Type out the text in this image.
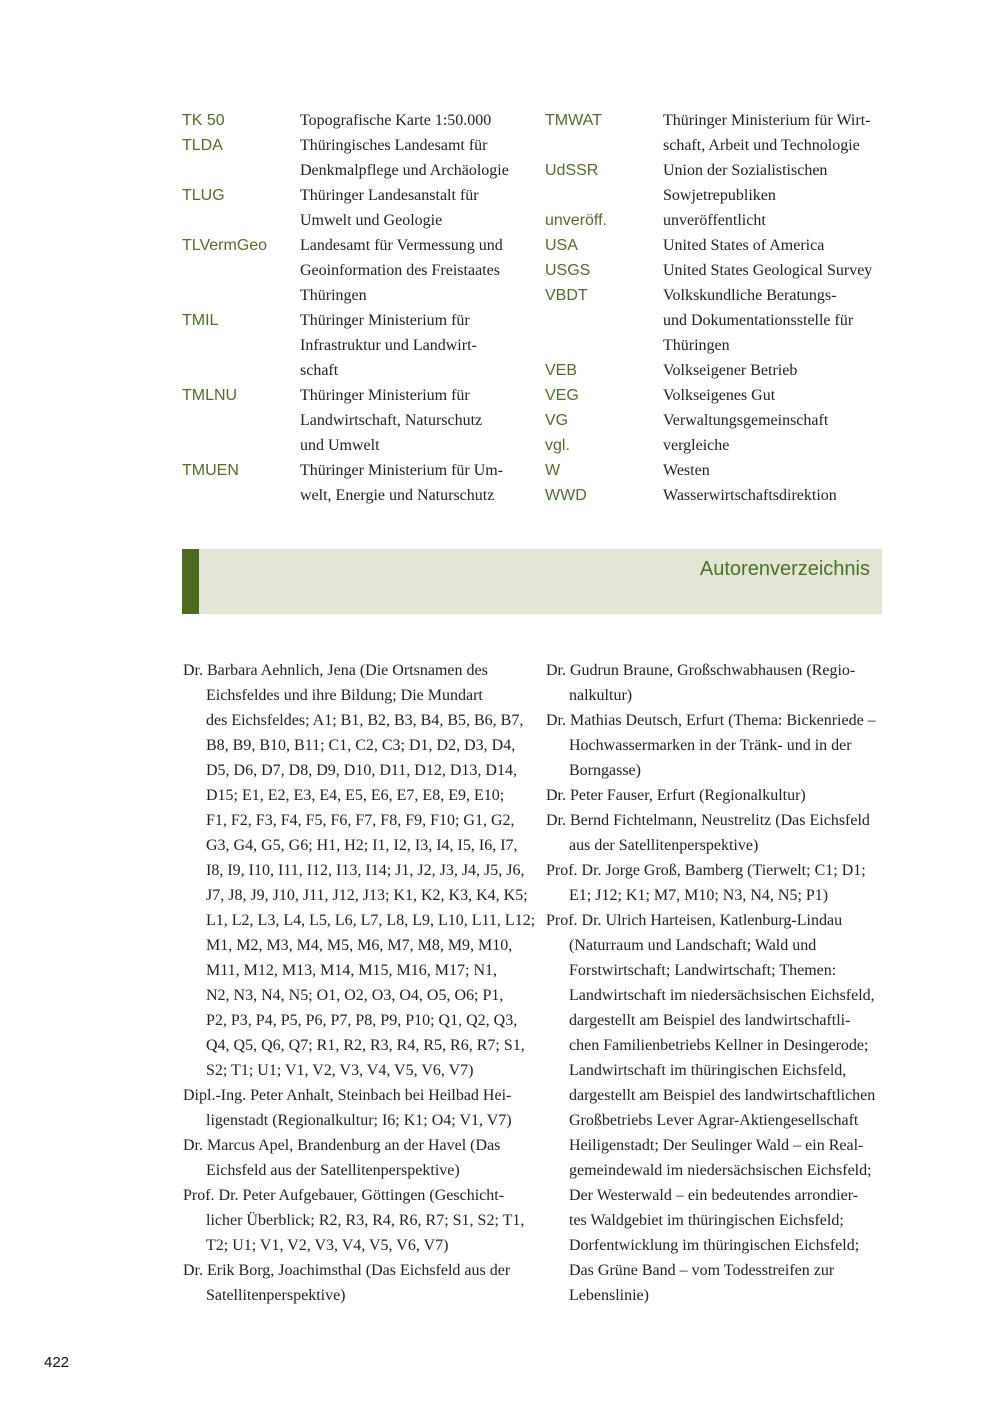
TK 50	Topografische Karte 1:50.000
TLDA	Thüringisches Landesamt für
Denkmalpflege und Archäologie
TLUG	Thüringer Landesanstalt für
Umwelt und Geologie
TLVermGeo	Landesamt für Vermessung und
Geoinformation des Freistaates
Thüringen
TMIL	Thüringer Ministerium für
Infrastruktur und Landwirt-
schaft
TMLNU	Thüringer Ministerium für
Landwirtschaft, Naturschutz
und Umwelt
TMUEN	Thüringer Ministerium für Um-
welt, Energie und Naturschutz
TMWAT	Thüringer Ministerium für Wirt-
schaft, Arbeit und Technologie
UdSSR	Union der Sozialistischen
Sowjetrepubliken
unveröff.	unveröffentlicht
USA	United States of America
USGS	United States Geological Survey
VBDT	Volkskundliche Beratungs-
und Dokumentationsstelle für
Thüringen
VEB	Volkseigener Betrieb
VEG	Volkseigenes Gut
VG	Verwaltungsgemeinschaft
vgl.	vergleiche
W	Westen
WWD	Wasserwirtschaftsdirektion
Autorenverzeichnis
Dr. Barbara Aehnlich, Jena (Die Ortsnamen des
Eichsfeldes und ihre Bildung; Die Mundart
des Eichsfeldes; A1; B1, B2, B3, B4, B5, B6, B7,
B8, B9, B10, B11; C1, C2, C3; D1, D2, D3, D4,
D5, D6, D7, D8, D9, D10, D11, D12, D13, D14,
D15; E1, E2, E3, E4, E5, E6, E7, E8, E9, E10;
F1, F2, F3, F4, F5, F6, F7, F8, F9, F10; G1, G2,
G3, G4, G5, G6; H1, H2; I1, I2, I3, I4, I5, I6, I7,
I8, I9, I10, I11, I12, I13, I14; J1, J2, J3, J4, J5, J6,
J7, J8, J9, J10, J11, J12, J13; K1, K2, K3, K4, K5;
L1, L2, L3, L4, L5, L6, L7, L8, L9, L10, L11, L12;
M1, M2, M3, M4, M5, M6, M7, M8, M9, M10,
M11, M12, M13, M14, M15, M16, M17; N1,
N2, N3, N4, N5; O1, O2, O3, O4, O5, O6; P1,
P2, P3, P4, P5, P6, P7, P8, P9, P10; Q1, Q2, Q3,
Q4, Q5, Q6, Q7; R1, R2, R3, R4, R5, R6, R7; S1,
S2; T1; U1; V1, V2, V3, V4, V5, V6, V7)
Dipl.-Ing. Peter Anhalt, Steinbach bei Heilbad Hei-
ligenstadt (Regionalkultur; I6; K1; O4; V1, V7)
Dr. Marcus Apel, Brandenburg an der Havel (Das
Eichsfeld aus der Satellitenperspektive)
Prof. Dr. Peter Aufgebauer, Göttingen (Geschicht-
licher Überblick; R2, R3, R4, R6, R7; S1, S2; T1,
T2; U1; V1, V2, V3, V4, V5, V6, V7)
Dr. Erik Borg, Joachimsthal (Das Eichsfeld aus der
Satellitenperspektive)
Dr. Gudrun Braune, Großschwabhausen (Regio-
nalkultur)
Dr. Mathias Deutsch, Erfurt (Thema: Bickenriede –
Hochwassermarken in der Tränk- und in der
Borngasse)
Dr. Peter Fauser, Erfurt (Regionalkultur)
Dr. Bernd Fichtelmann, Neustrelitz (Das Eichsfeld
aus der Satellitenperspektive)
Prof. Dr. Jorge Groß, Bamberg (Tierwelt; C1; D1;
E1; J12; K1; M7, M10; N3, N4, N5; P1)
Prof. Dr. Ulrich Harteisen, Katlenburg-Lindau
(Naturraum und Landschaft; Wald und
Forstwirtschaft; Landwirtschaft; Themen:
Landwirtschaft im niedersächsischen Eichsfeld,
dargestellt am Beispiel des landwirtschaftli-
chen Familienbetriebs Kellner in Desingerode;
Landwirtschaft im thüringischen Eichsfeld,
dargestellt am Beispiel des landwirtschaftlichen
Großbetriebs Lever Agrar-Aktiengesellschaft
Heiligenstadt; Der Seulinger Wald – ein Real-
gemeindewald im niedersächsischen Eichsfeld;
Der Westerwald – ein bedeutendes arrondier-
tes Waldgebiet im thüringischen Eichsfeld;
Dorfentwicklung im thüringischen Eichsfeld;
Das Grüne Band – vom Todesstreifen zur
Lebenslinie)
422
